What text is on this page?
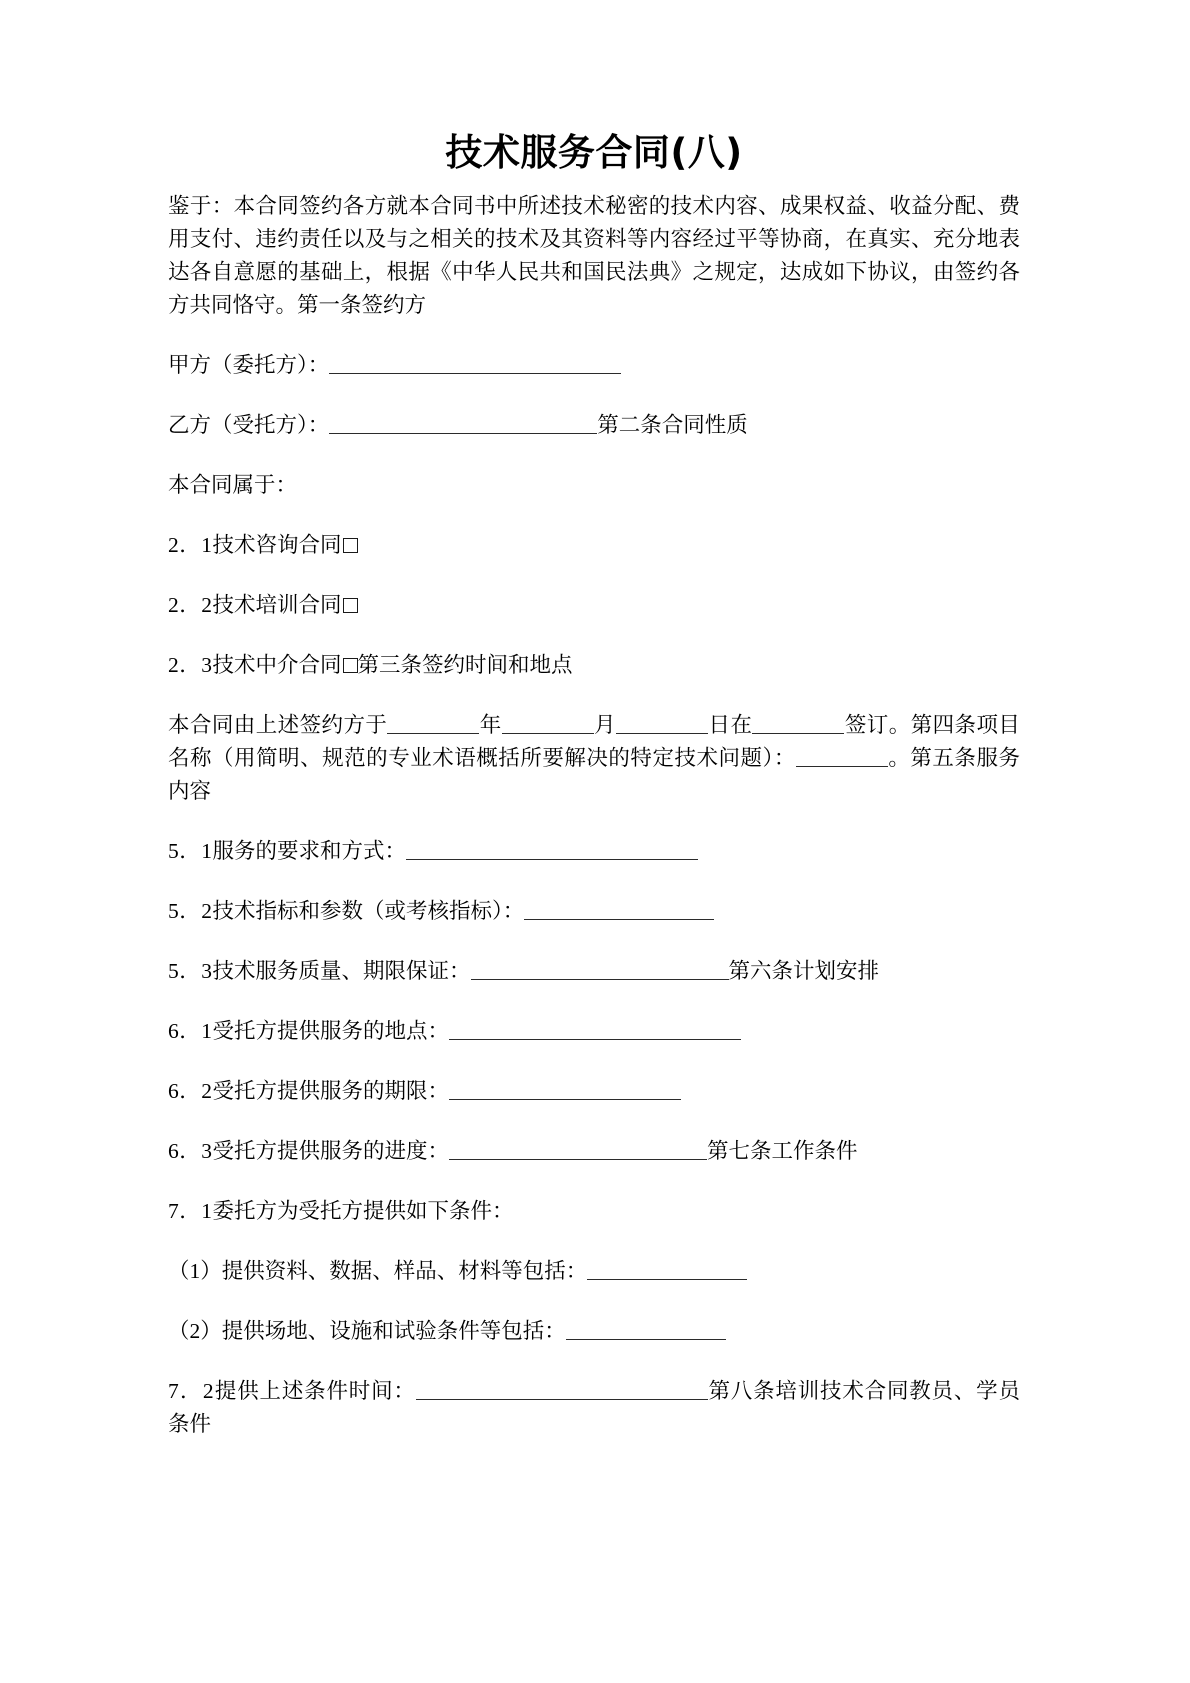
技术服务合同(八)

鉴于：本合同签约各方就本合同书中所述技术秘密的技术内容、成果权益、收益分配、费用支付、违约责任以及与之相关的技术及其资料等内容经过平等协商，在真实、充分地表达各自意愿的基础上，根据《中华人民共和国民法典》之规定，达成如下协议，由签约各方共同恪守。第一条签约方

甲方（委托方）：

乙方（受托方）：	第二条合同性质

本合同属于：

2．1技术咨询合同

2．2技术培训合同

2．3技术中介合同 第三条签约时间和地点

本合同由上述签约方于	年	月	日在	签订。第四条项目名称（用简明、规范的专业术语概括所要解决的特定技术问题）：	。第五条服务内容

5．1服务的要求和方式：

5．2技术指标和参数（或考核指标）：

5．3技术服务质量、期限保证：	第六条计划安排

6．1受托方提供服务的地点：

6．2受托方提供服务的期限：

6．3受托方提供服务的进度：	第七条工作条件

7．1委托方为受托方提供如下条件：

（1）提供资料、数据、样品、材料等包括：

（2）提供场地、设施和试验条件等包括：

7．2提供上述条件时间：	第八条培训技术合同教员、学员条件
